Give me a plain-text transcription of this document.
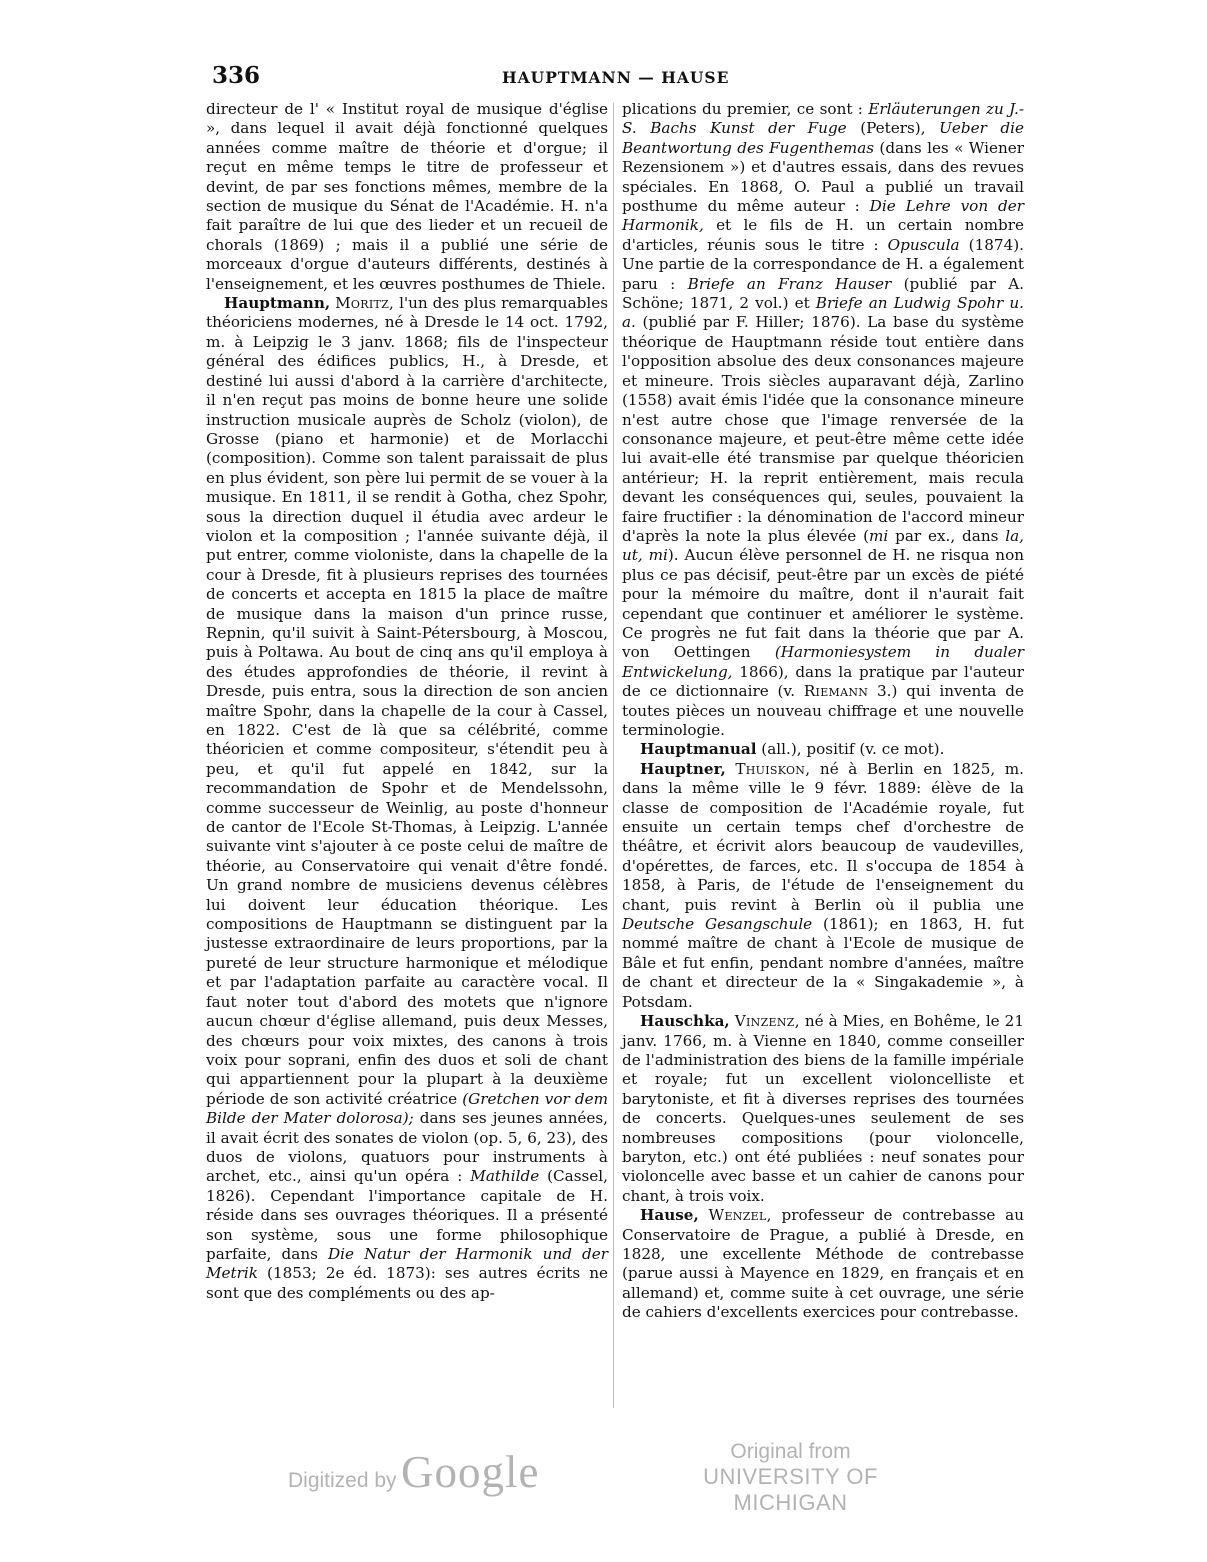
336	HAUPTMANN — HAUSE

directeur de l' « Institut royal de musique d'église », dans lequel il avait déjà fonctionné quelques années comme maître de théorie et d'orgue; il reçut en même temps le titre de professeur et devint, de par ses fonctions mêmes, membre de la section de musique du Sénat de l'Académie. H. n'a fait paraître de lui que des lieder et un recueil de chorals (1869) ; mais il a publié une série de morceaux d'orgue d'auteurs différents, destinés à l'enseignement, et les œuvres posthumes de Thiele.

Hauptmann, Moritz, l'un des plus remarquables théoriciens modernes, né à Dresde le 14 oct. 1792, m. à Leipzig le 3 janv. 1868; fils de l'inspecteur général des édifices publics, H., à Dresde, et destiné lui aussi d'abord à la carrière d'architecte, il n'en reçut pas moins de bonne heure une solide instruction musicale auprès de Scholz (violon), de Grosse (piano et harmonie) et de Morlacchi (composition). Comme son talent paraissait de plus en plus évident, son père lui permit de se vouer à la musique. En 1811, il se rendit à Gotha, chez Spohr, sous la direction duquel il étudia avec ardeur le violon et la composition ; l'année suivante déjà, il put entrer, comme violoniste, dans la chapelle de la cour à Dresde, fit à plusieurs reprises des tournées de concerts et accepta en 1815 la place de maître de musique dans la maison d'un prince russe, Repnin, qu'il suivit à Saint-Pétersbourg, à Moscou, puis à Poltawa. Au bout de cinq ans qu'il employa à des études approfondies de théorie, il revint à Dresde, puis entra, sous la direction de son ancien maître Spohr, dans la chapelle de la cour à Cassel, en 1822. C'est de là que sa célébrité, comme théoricien et comme compositeur, s'étendit peu à peu, et qu'il fut appelé en 1842, sur la recommandation de Spohr et de Mendelssohn, comme successeur de Weinlig, au poste d'honneur de cantor de l'Ecole St-Thomas, à Leipzig. L'année suivante vint s'ajouter à ce poste celui de maître de théorie, au Conservatoire qui venait d'être fondé. Un grand nombre de musiciens devenus célèbres lui doivent leur éducation théorique. Les compositions de Hauptmann se distinguent par la justesse extraordinaire de leurs proportions, par la pureté de leur structure harmonique et mélodique et par l'adaptation parfaite au caractère vocal. Il faut noter tout d'abord des motets que n'ignore aucun chœur d'église allemand, puis deux Messes, des chœurs pour voix mixtes, des canons à trois voix pour soprani, enfin des duos et soli de chant qui appartiennent pour la plupart à la deuxième période de son activité créatrice (Gretchen vor dem Bilde der Mater dolorosa); dans ses jeunes années, il avait écrit des sonates de violon (op. 5, 6, 23), des duos de violons, quatuors pour instruments à archet, etc., ainsi qu'un opéra : Mathilde (Cassel, 1826). Cependant l'importance capitale de H. réside dans ses ouvrages théoriques. Il a présenté son système, sous une forme philosophique parfaite, dans Die Natur der Harmonik und der Metrik (1853; 2e éd. 1873): ses autres écrits ne sont que des compléments ou des ap-

plications du premier, ce sont : Erläuterungen zu J.-S. Bachs Kunst der Fuge (Peters), Ueber die Beantwortung des Fugenthemas (dans les « Wiener Rezensionem ») et d'autres essais, dans des revues spéciales. En 1868, O. Paul a publié un travail posthume du même auteur : Die Lehre von der Harmonik, et le fils de H. un certain nombre d'articles, réunis sous le titre : Opuscula (1874). Une partie de la correspondance de H. a également paru : Briefe an Franz Hauser (publié par A. Schöne; 1871, 2 vol.) et Briefe an Ludwig Spohr u. a. (publié par F. Hiller; 1876). La base du système théorique de Hauptmann réside tout entière dans l'opposition absolue des deux consonances majeure et mineure. Trois siècles auparavant déjà, Zarlino (1558) avait émis l'idée que la consonance mineure n'est autre chose que l'image renversée de la consonance majeure, et peut-être même cette idée lui avait-elle été transmise par quelque théoricien antérieur; H. la reprit entièrement, mais recula devant les conséquences qui, seules, pouvaient la faire fructifier : la dénomination de l'accord mineur d'après la note la plus élevée (mi par ex., dans la, ut, mi). Aucun élève personnel de H. ne risqua non plus ce pas décisif, peut-être par un excès de piété pour la mémoire du maître, dont il n'aurait fait cependant que continuer et améliorer le système. Ce progrès ne fut fait dans la théorie que par A. von Oettingen (Harmoniesystem in dualer Entwickelung, 1866), dans la pratique par l'auteur de ce dictionnaire (v. Riemann 3.) qui inventa de toutes pièces un nouveau chiffrage et une nouvelle terminologie.

Hauptmanual (all.), positif (v. ce mot).

Hauptner, Thuiskon, né à Berlin en 1825, m. dans la même ville le 9 févr. 1889: élève de la classe de composition de l'Académie royale, fut ensuite un certain temps chef d'orchestre de théâtre, et écrivit alors beaucoup de vaudevilles, d'opérettes, de farces, etc. Il s'occupa de 1854 à 1858, à Paris, de l'étude de l'enseignement du chant, puis revint à Berlin où il publia une Deutsche Gesangschule (1861); en 1863, H. fut nommé maître de chant à l'Ecole de musique de Bâle et fut enfin, pendant nombre d'années, maître de chant et directeur de la « Singakademie », à Potsdam.

Hauschka, Vinzenz, né à Mies, en Bohême, le 21 janv. 1766, m. à Vienne en 1840, comme conseiller de l'administration des biens de la famille impériale et royale; fut un excellent violoncelliste et barytoniste, et fit à diverses reprises des tournées de concerts. Quelques-unes seulement de ses nombreuses compositions (pour violoncelle, baryton, etc.) ont été publiées : neuf sonates pour violoncelle avec basse et un cahier de canons pour chant, à trois voix.

Hause, Wenzel, professeur de contrebasse au Conservatoire de Prague, a publié à Dresde, en 1828, une excellente Méthode de contrebasse (parue aussi à Mayence en 1829, en français et en allemand) et, comme suite à cet ouvrage, une série de cahiers d'excellents exercices pour contrebasse.

Digitized by Google	Original from
UNIVERSITY OF MICHIGAN
